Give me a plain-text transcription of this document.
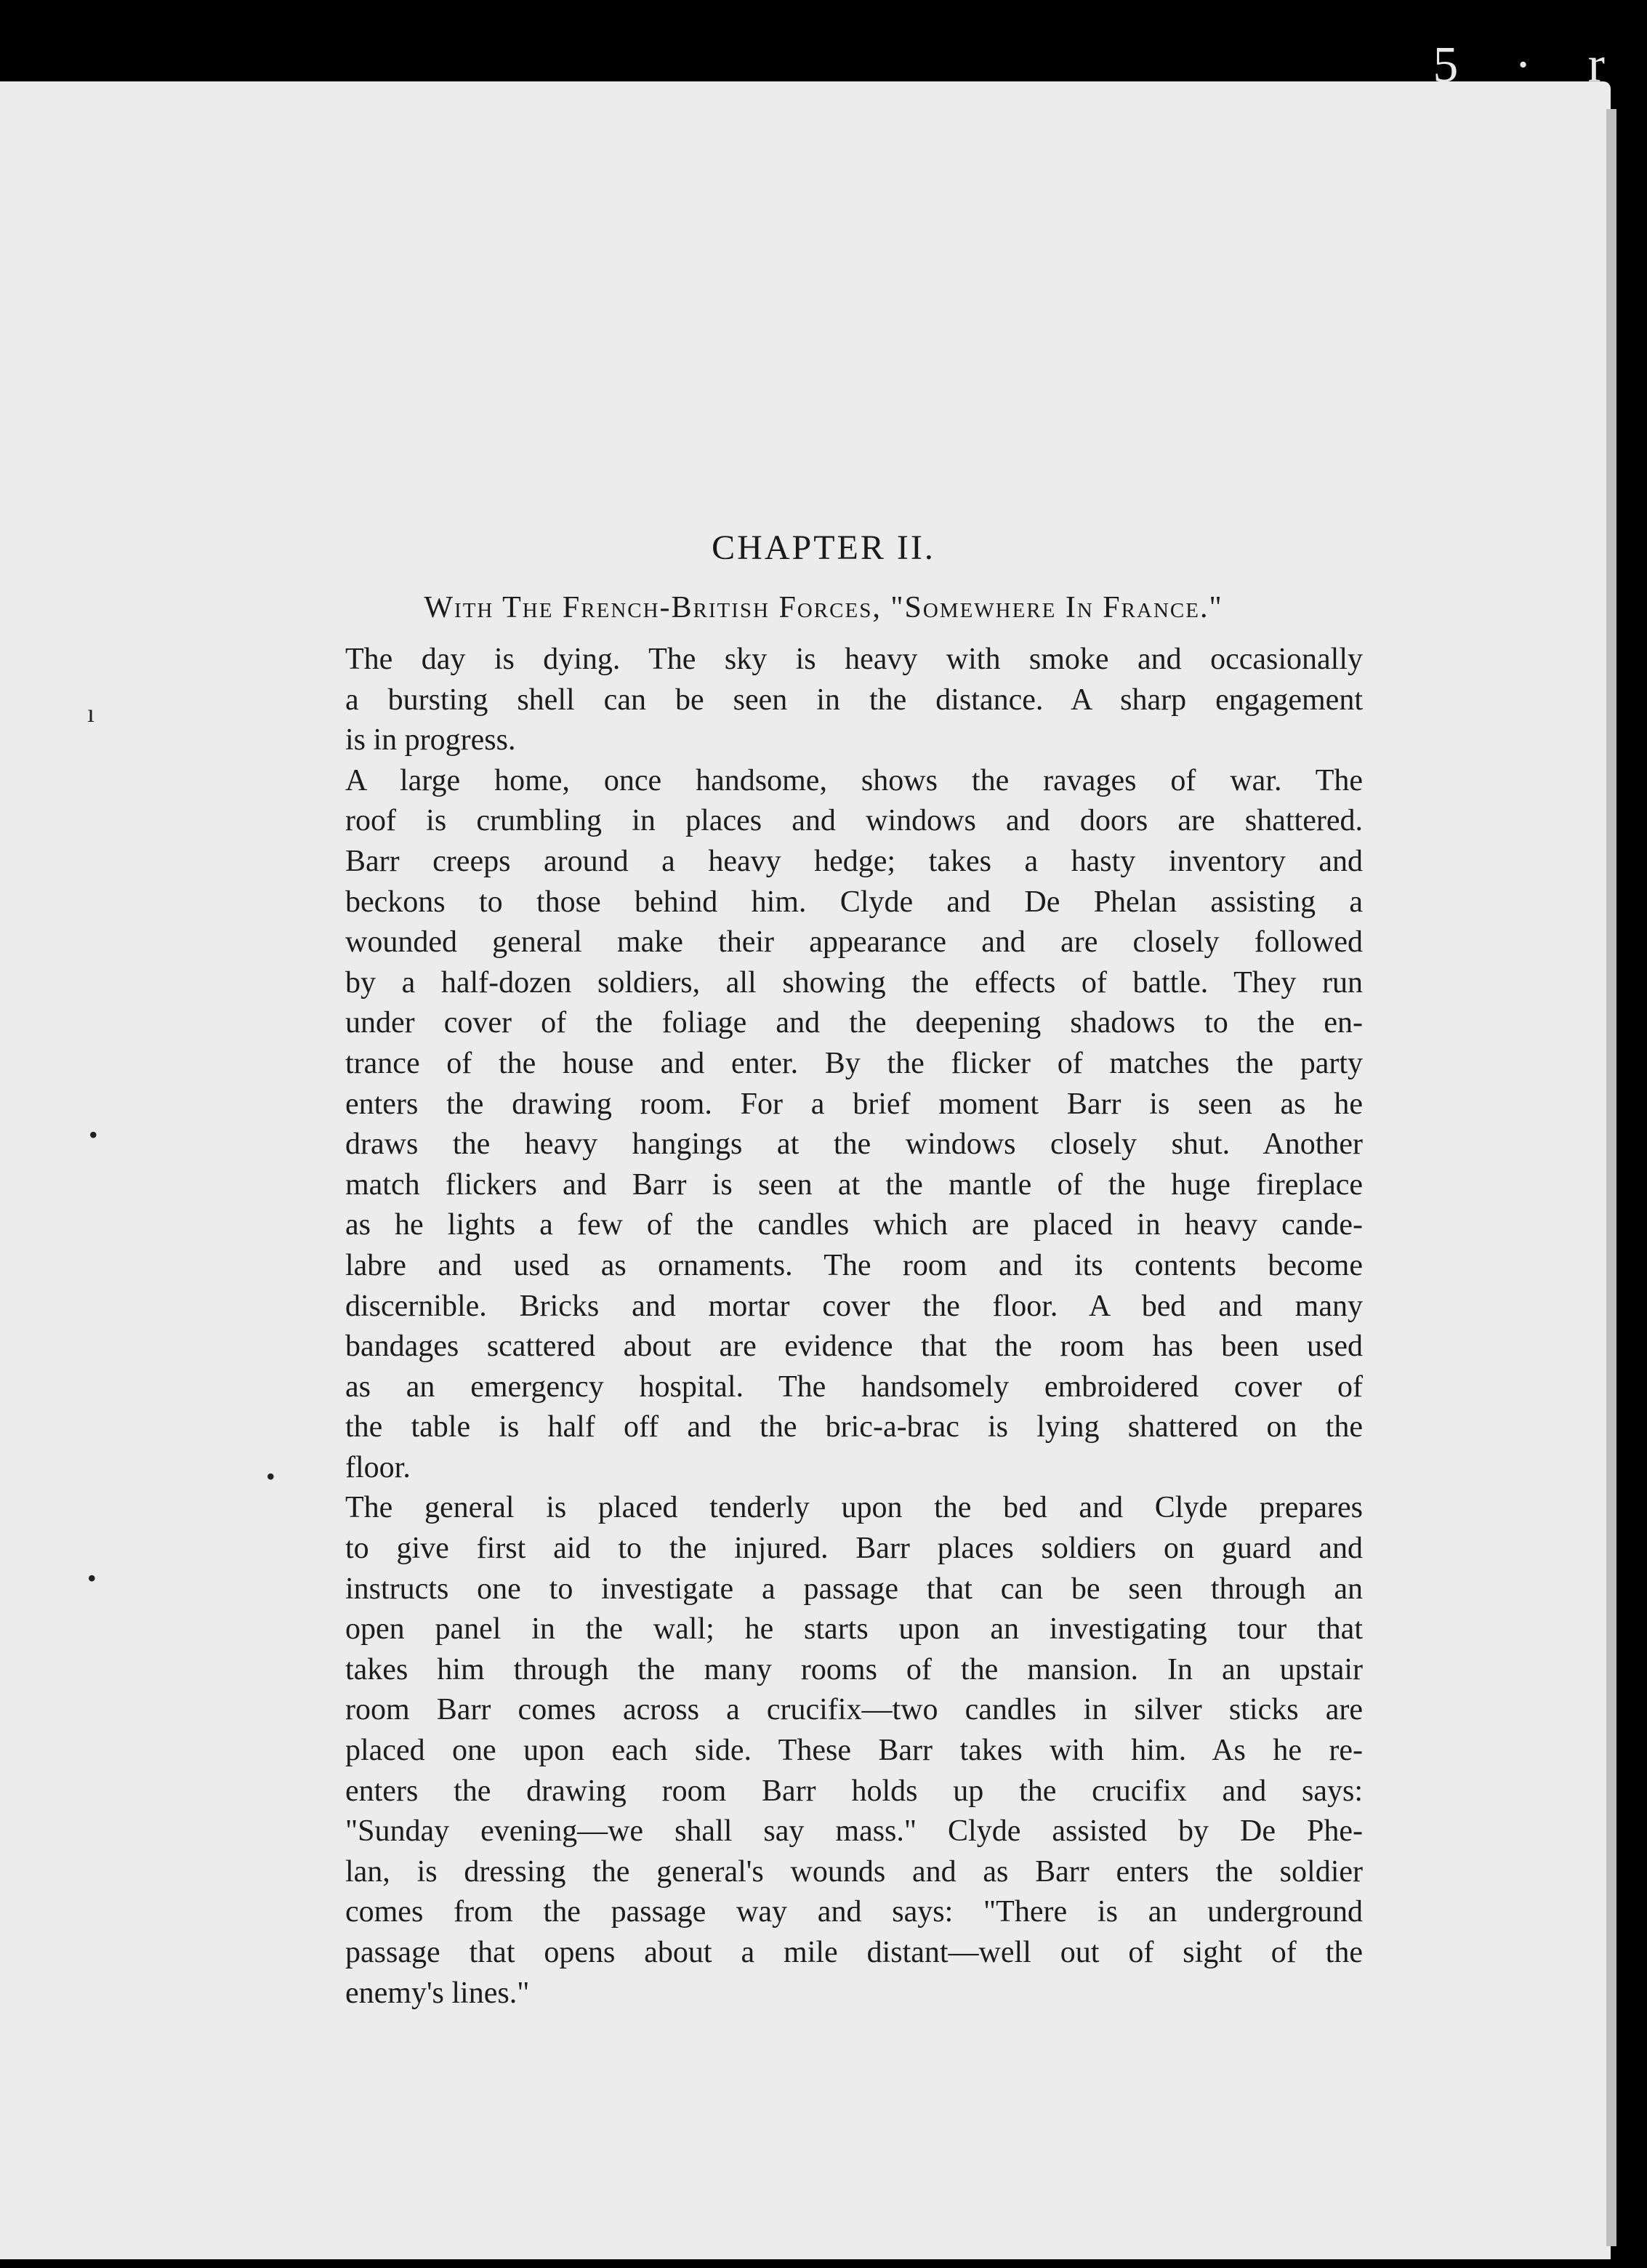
5 · r
CHAPTER II.
With The French-British Forces, "Somewhere In France."
ı
•
•
•

The day is dying. The sky is heavy with smoke and occasionally
a bursting shell can be seen in the distance. A sharp engagement
is in progress.

A large home, once handsome, shows the ravages of war. The
roof is crumbling in places and windows and doors are shattered.
Barr creeps around a heavy hedge; takes a hasty inventory and
beckons to those behind him. Clyde and De Phelan assisting a
wounded general make their appearance and are closely followed
by a half-dozen soldiers, all showing the effects of battle. They run
under cover of the foliage and the deepening shadows to the en-
trance of the house and enter. By the flicker of matches the party
enters the drawing room. For a brief moment Barr is seen as he
draws the heavy hangings at the windows closely shut. Another
match flickers and Barr is seen at the mantle of the huge fireplace
as he lights a few of the candles which are placed in heavy cande-
labre and used as ornaments. The room and its contents become
discernible. Bricks and mortar cover the floor. A bed and many
bandages scattered about are evidence that the room has been used
as an emergency hospital. The handsomely embroidered cover of
the table is half off and the bric-a-brac is lying shattered on the
floor.

The general is placed tenderly upon the bed and Clyde prepares
to give first aid to the injured. Barr places soldiers on guard and
instructs one to investigate a passage that can be seen through an
open panel in the wall; he starts upon an investigating tour that
takes him through the many rooms of the mansion. In an upstair
room Barr comes across a crucifix—two candles in silver sticks are
placed one upon each side. These Barr takes with him. As he re-
enters the drawing room Barr holds up the crucifix and says:
"Sunday evening—we shall say mass." Clyde assisted by De Phe-
lan, is dressing the general's wounds and as Barr enters the soldier
comes from the passage way and says: "There is an underground
passage that opens about a mile distant—well out of sight of the
enemy's lines."
